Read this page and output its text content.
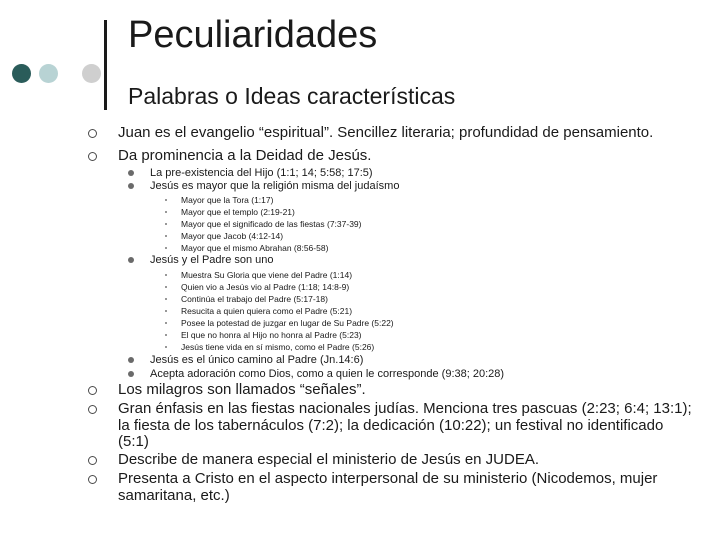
Peculiaridades
Palabras o Ideas características
Juan es el evangelio “espiritual”. Sencillez literaria; profundidad de pensamiento.
Da prominencia a la Deidad de Jesús.
La pre-existencia del Hijo (1:1; 14; 5:58; 17:5)
Jesús es mayor que la religión misma del judaísmo
Mayor que la Tora (1:17)
Mayor que el templo (2:19-21)
Mayor que el significado de las fiestas (7:37-39)
Mayor que Jacob (4:12-14)
Mayor que el mismo Abrahan (8:56-58)
Jesús y el Padre son uno
Muestra Su Gloria que viene del Padre (1:14)
Quien vio a Jesús vio al Padre (1:18; 14:8-9)
Continúa el trabajo del Padre (5:17-18)
Resucita a quien quiera como el Padre (5:21)
Posee la potestad de juzgar en lugar de Su Padre (5:22)
El que no honra al Hijo no honra al Padre (5:23)
Jesús tiene vida en sí mismo, como el Padre (5:26)
Jesús es el único camino al Padre (Jn.14:6)
Acepta adoración como Dios, como a quien le corresponde (9:38; 20:28)
Los milagros son llamados “señales”.
Gran énfasis en las fiestas nacionales judías. Menciona tres pascuas (2:23; 6:4; 13:1); la fiesta de los tabernáculos (7:2); la dedicación (10:22); un festival no identificado (5:1)
Describe de manera especial el ministerio de Jesús en JUDEA.
Presenta a Cristo en el aspecto interpersonal de su ministerio (Nicodemos, mujer samaritana, etc.)
